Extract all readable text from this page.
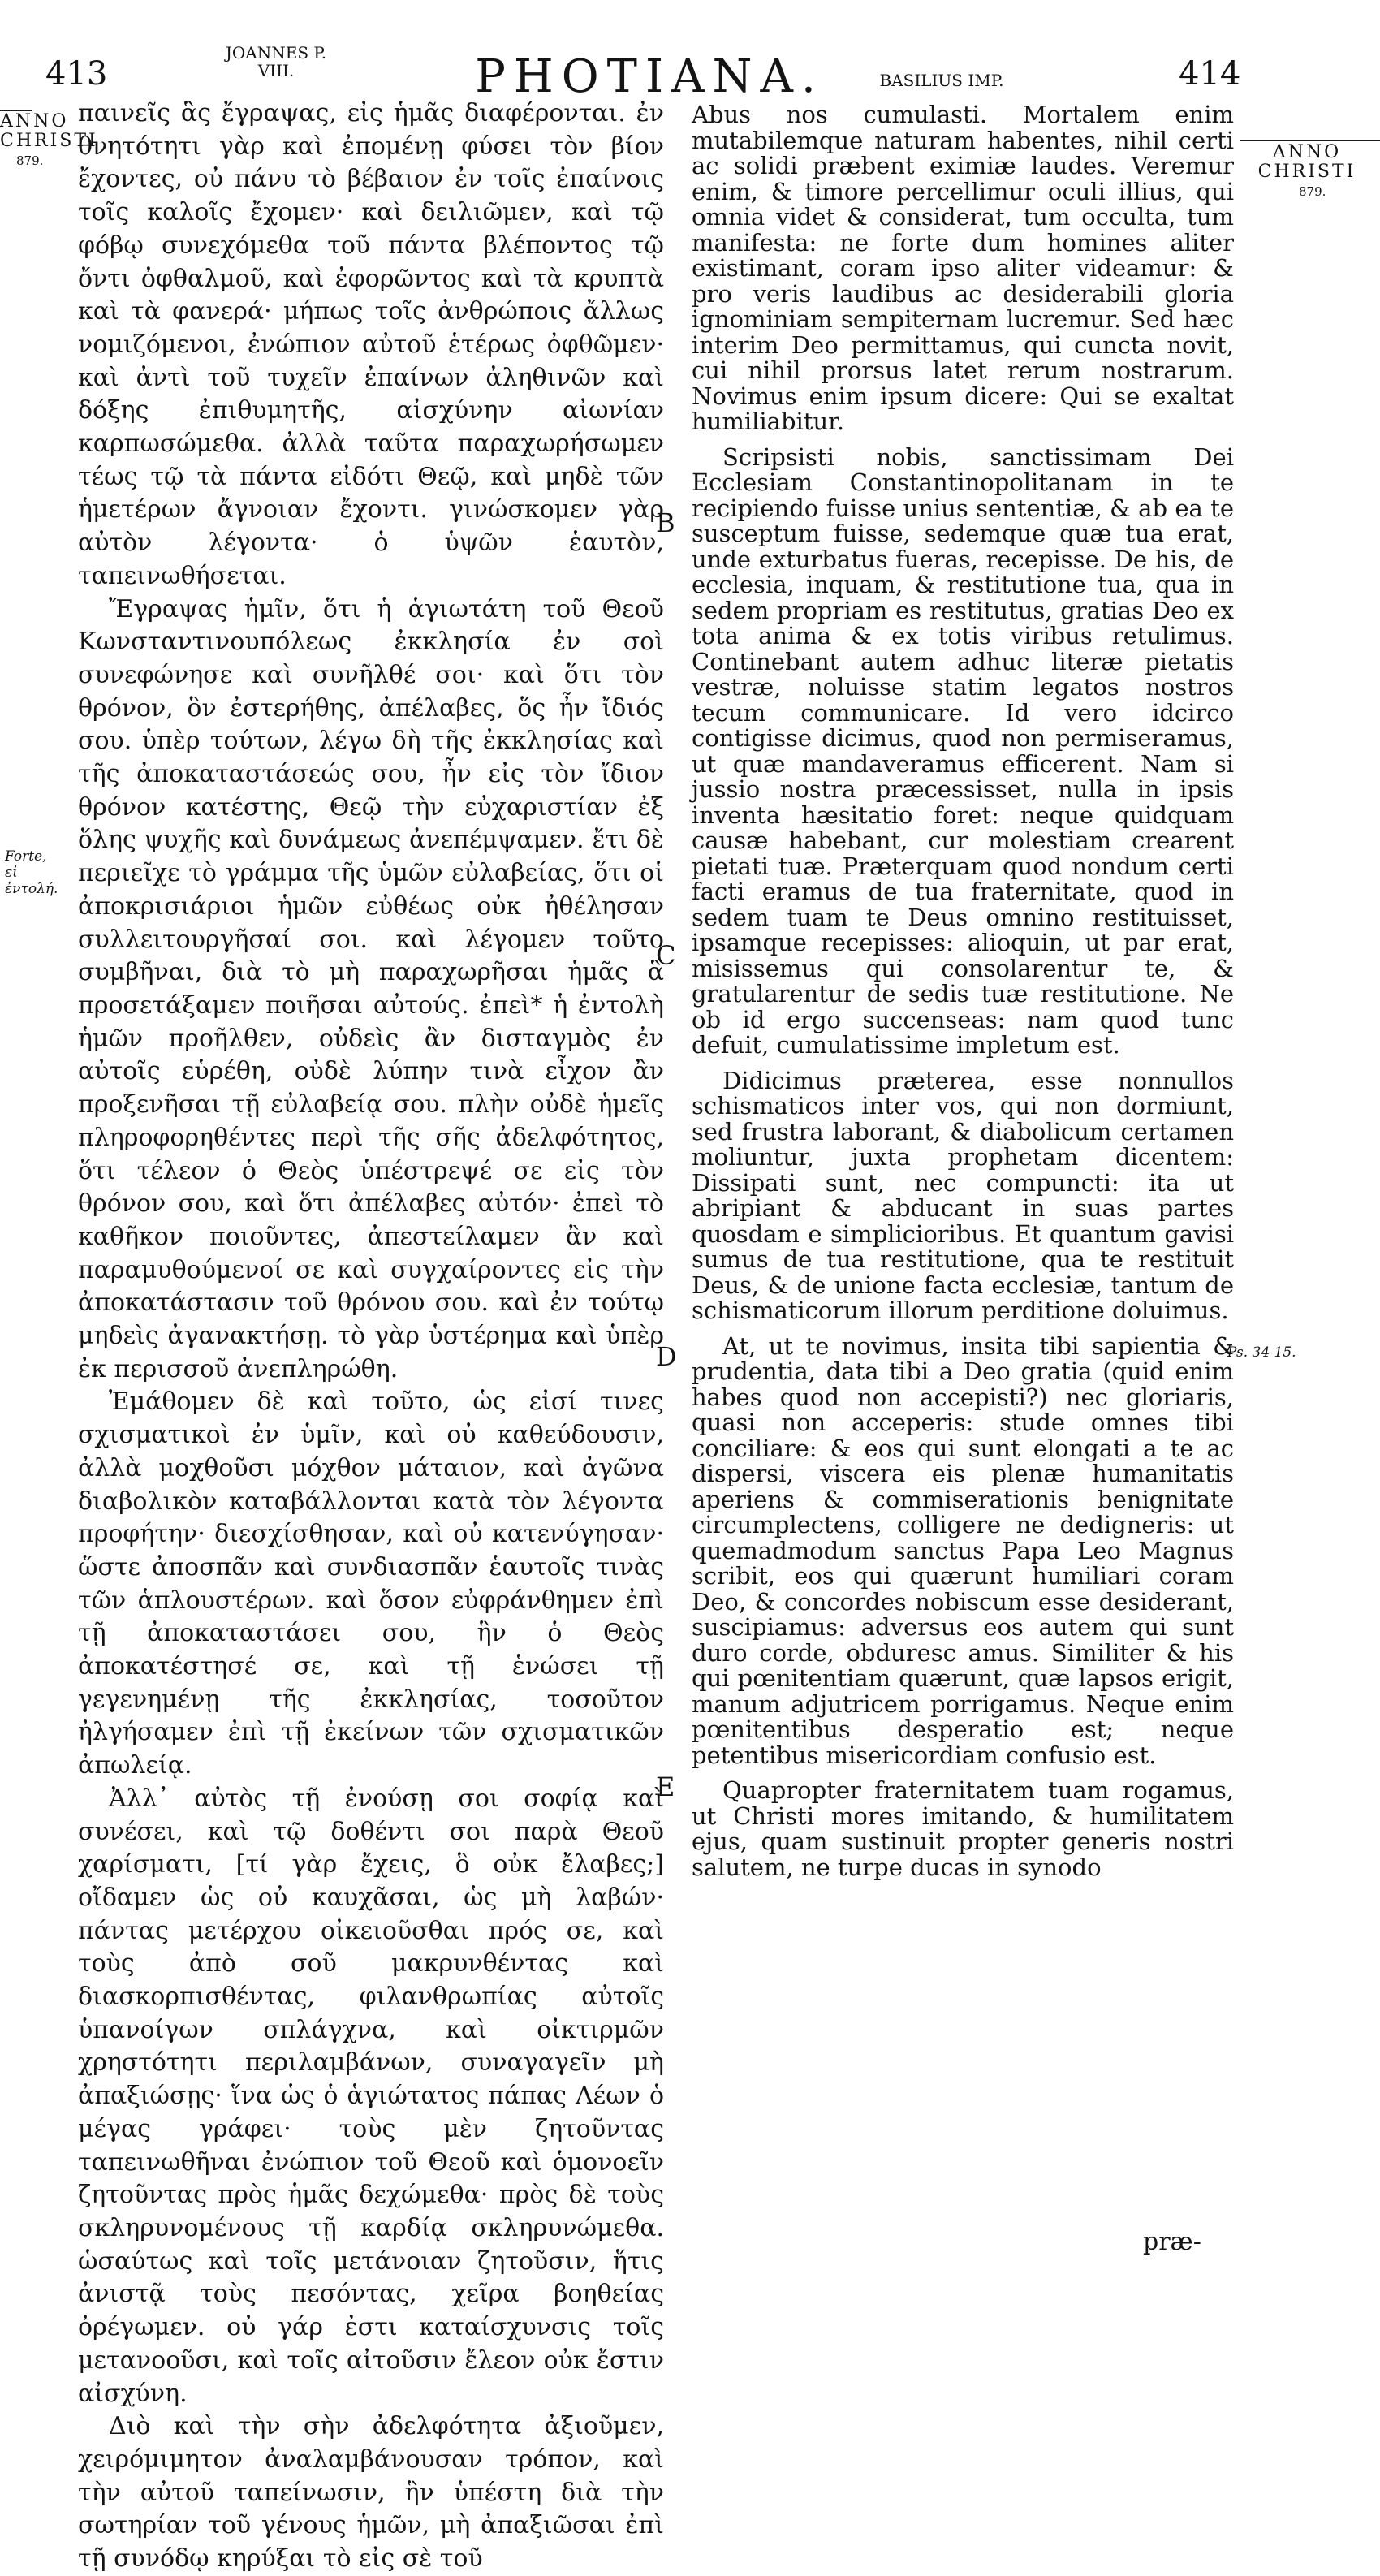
413
JOANNES P. VIII.	PHOTIANA.	BASILIUS IMP.	414
ANNO CHRISTI
879.	ANNO CHRISTI
879.
Forte, εἰ ἐντολή.
Ps. 34 15.
B
C
D
E

παινεῖς ἃς ἔγραψας, εἰς ἡμᾶς διαφέρονται. ἐν θνητότητι γὰρ καὶ ἐπομένῃ φύσει τὸν βίον ἔχοντες, οὐ πάνυ τὸ βέβαιον ἐν τοῖς ἐπαίνοις τοῖς καλοῖς ἔχομεν· καὶ δειλιῶμεν, καὶ τῷ φόβῳ συνεχόμεθα τοῦ πάντα βλέποντος τῷ ὄντι ὀφθαλμοῦ, καὶ ἐφορῶντος καὶ τὰ κρυπτὰ καὶ τὰ φανερά· μήπως τοῖς ἀνθρώποις ἄλλως νομιζόμενοι, ἐνώπιον αὐτοῦ ἑτέρως ὀφθῶμεν· καὶ ἀντὶ τοῦ τυχεῖν ἐπαίνων ἀληθινῶν καὶ δόξης ἐπιθυμητῆς, αἰσχύνην αἰωνίαν καρπωσώμεθα. ἀλλὰ ταῦτα παραχωρήσωμεν τέως τῷ τὰ πάντα εἰδότι Θεῷ, καὶ μηδὲ τῶν ἡμετέρων ἄγνοιαν ἔχοντι. γινώσκομεν γὰρ αὐτὸν λέγοντα· ὁ ὑψῶν ἑαυτὸν, ταπεινωθήσεται.

Ἔγραψας ἡμῖν, ὅτι ἡ ἁγιωτάτη τοῦ Θεοῦ Κωνσταντινουπόλεως ἐκκλησία ἐν σοὶ συνεφώνησε καὶ συνῆλθέ σοι· καὶ ὅτι τὸν θρόνον, ὃν ἐστερήθης, ἀπέλαβες, ὅς ἦν ἴδιός σου. ὑπὲρ τούτων, λέγω δὴ τῆς ἐκκλησίας καὶ τῆς ἀποκαταστάσεώς σου, ἦν εἰς τὸν ἴδιον θρόνον κατέστης, Θεῷ τὴν εὐχαριστίαν ἐξ ὅλης ψυχῆς καὶ δυνάμεως ἀνεπέμψαμεν. ἔτι δὲ περιεῖχε τὸ γράμμα τῆς ὑμῶν εὐλαβείας, ὅτι οἱ ἀποκρισιάριοι ἡμῶν εὐθέως οὐκ ἠθέλησαν συλλειτουργῆσαί σοι. καὶ λέγομεν τοῦτο συμβῆναι, διὰ τὸ μὴ παραχωρῆσαι ἡμᾶς ἃ προσετάξαμεν ποιῆσαι αὐτούς. ἐπεὶ* ἡ ἐντολὴ ἡμῶν προῆλθεν, οὐδεὶς ἂν δισταγμὸς ἐν αὐτοῖς εὑρέθη, οὐδὲ λύπην τινὰ εἶχον ἂν προξενῆσαι τῇ εὐλαβείᾳ σου. πλὴν οὐδὲ ἡμεῖς πληροφορηθέντες περὶ τῆς σῆς ἀδελφότητος, ὅτι τέλεον ὁ Θεὸς ὑπέστρεψέ σε εἰς τὸν θρόνον σου, καὶ ὅτι ἀπέλαβες αὐτόν· ἐπεὶ τὸ καθῆκον ποιοῦντες, ἀπεστείλαμεν ἂν καὶ παραμυθούμενοί σε καὶ συγχαίροντες εἰς τὴν ἀποκατάστασιν τοῦ θρόνου σου. καὶ ἐν τούτῳ μηδεὶς ἀγανακτήσῃ. τὸ γὰρ ὑστέρημα καὶ ὑπὲρ ἐκ περισσοῦ ἀνεπληρώθη.

Ἐμάθομεν δὲ καὶ τοῦτο, ὡς εἰσί τινες σχισματικοὶ ἐν ὑμῖν, καὶ οὐ καθεύδουσιν, ἀλλὰ μοχθοῦσι μόχθον μάταιον, καὶ ἀγῶνα διαβολικὸν καταβάλλονται κατὰ τὸν λέγοντα προφήτην· διεσχίσθησαν, καὶ οὐ κατενύγησαν· ὥστε ἀποσπᾶν καὶ συνδιασπᾶν ἑαυτοῖς τινὰς τῶν ἁπλουστέρων. καὶ ὅσον εὐφράνθημεν ἐπὶ τῇ ἀποκαταστάσει σου, ἣν ὁ Θεὸς ἀποκατέστησέ σε, καὶ τῇ ἑνώσει τῇ γεγενημένῃ τῆς ἐκκλησίας, τοσοῦτον ἠλγήσαμεν ἐπὶ τῇ ἐκείνων τῶν σχισματικῶν ἀπωλείᾳ.

Ἀλλ᾽ αὐτὸς τῇ ἐνούσῃ σοι σοφίᾳ καὶ συνέσει, καὶ τῷ δοθέντι σοι παρὰ Θεοῦ χαρίσματι, [τί γὰρ ἔχεις, ὃ οὐκ ἔλαβες;] οἴδαμεν ὡς οὐ καυχᾶσαι, ὡς μὴ λαβών· πάντας μετέρχου οἰκειοῦσθαι πρός σε, καὶ τοὺς ἀπὸ σοῦ μακρυνθέντας καὶ διασκορπισθέντας, φιλανθρωπίας αὐτοῖς ὑπανοίγων σπλάγχνα, καὶ οἰκτιρμῶν χρηστότητι περιλαμβάνων, συναγαγεῖν μὴ ἀπαξιώσῃς· ἵνα ὡς ὁ ἁγιώτατος πάπας Λέων ὁ μέγας γράφει· τοὺς μὲν ζητοῦντας ταπεινωθῆναι ἐνώπιον τοῦ Θεοῦ καὶ ὁμονοεῖν ζητοῦντας πρὸς ἡμᾶς δεχώμεθα· πρὸς δὲ τοὺς σκληρυνομένους τῇ καρδίᾳ σκληρυνώμεθα. ὡσαύτως καὶ τοῖς μετάνοιαν ζητοῦσιν, ἥτις ἀνιστᾷ τοὺς πεσόντας, χεῖρα βοηθείας ὀρέγωμεν. οὐ γάρ ἐστι καταίσχυνσις τοῖς μετανοοῦσι, καὶ τοῖς αἰτοῦσιν ἔλεον οὐκ ἔστιν αἰσχύνη.

Διὸ καὶ τὴν σὴν ἀδελφότητα ἀξιοῦμεν, χειρόμιμητον ἀναλαμβάνουσαν τρόπον, καὶ τὴν αὐτοῦ ταπείνωσιν, ἣν ὑπέστη διὰ τὴν σωτηρίαν τοῦ γένους ἡμῶν, μὴ ἀπαξιῶσαι ἐπὶ τῇ συνόδῳ κηρύξαι τὸ εἰς σὲ τοῦ

Abus nos cumulasti. Mortalem enim mutabilemque naturam habentes, nihil certi ac solidi præbent eximiæ laudes. Veremur enim, & timore percellimur oculi illius, qui omnia videt & considerat, tum occulta, tum manifesta: ne forte dum homines aliter existimant, coram ipso aliter videamur: & pro veris laudibus ac desiderabili gloria ignominiam sempiternam lucremur. Sed hæc interim Deo permittamus, qui cuncta novit, cui nihil prorsus latet rerum nostrarum. Novimus enim ipsum dicere: Qui se exaltat humiliabitur.

Scripsisti nobis, sanctissimam Dei Ecclesiam Constantinopolitanam in te recipiendo fuisse unius sententiæ, & ab ea te susceptum fuisse, sedemque quæ tua erat, unde exturbatus fueras, recepisse. De his, de ecclesia, inquam, & restitutione tua, qua in sedem propriam es restitutus, gratias Deo ex tota anima & ex totis viribus retulimus. Continebant autem adhuc literæ pietatis vestræ, noluisse statim legatos nostros tecum communicare. Id vero idcirco contigisse dicimus, quod non permiseramus, ut quæ mandaveramus efficerent. Nam si jussio nostra præcessisset, nulla in ipsis inventa hæsitatio foret: neque quidquam causæ habebant, cur molestiam crearent pietati tuæ. Præterquam quod nondum certi facti eramus de tua fraternitate, quod in sedem tuam te Deus omnino restituisset, ipsamque recepisses: alioquin, ut par erat, misissemus qui consolarentur te, & gratularentur de sedis tuæ restitutione. Ne ob id ergo succenseas: nam quod tunc defuit, cumulatissime impletum est.

Didicimus præterea, esse nonnullos schismaticos inter vos, qui non dormiunt, sed frustra laborant, & diabolicum certamen moliuntur, juxta prophetam dicentem: Dissipati sunt, nec compuncti: ita ut abripiant & abducant in suas partes quosdam e simplicioribus. Et quantum gavisi sumus de tua restitutione, qua te restituit Deus, & de unione facta ecclesiæ, tantum de schismaticorum illorum perditione doluimus.

At, ut te novimus, insita tibi sapientia & prudentia, data tibi a Deo gratia (quid enim habes quod non accepisti?) nec gloriaris, quasi non acceperis: stude omnes tibi conciliare: & eos qui sunt elongati a te ac dispersi, viscera eis plenæ humanitatis aperiens & commiserationis benignitate circumplectens, colligere ne dedigneris: ut quemadmodum sanctus Papa Leo Magnus scribit, eos qui quærunt humiliari coram Deo, & concordes nobiscum esse desiderant, suscipiamus: adversus eos autem qui sunt duro corde, obduresc amus. Similiter & his qui pœnitentiam quærunt, quæ lapsos erigit, manum adjutricem porrigamus. Neque enim pœnitentibus desperatio est; neque petentibus misericordiam confusio est.

Quapropter fraternitatem tuam rogamus, ut Christi mores imitando, & humilitatem ejus, quam sustinuit propter generis nostri salutem, ne turpe ducas in synodo

præ-
